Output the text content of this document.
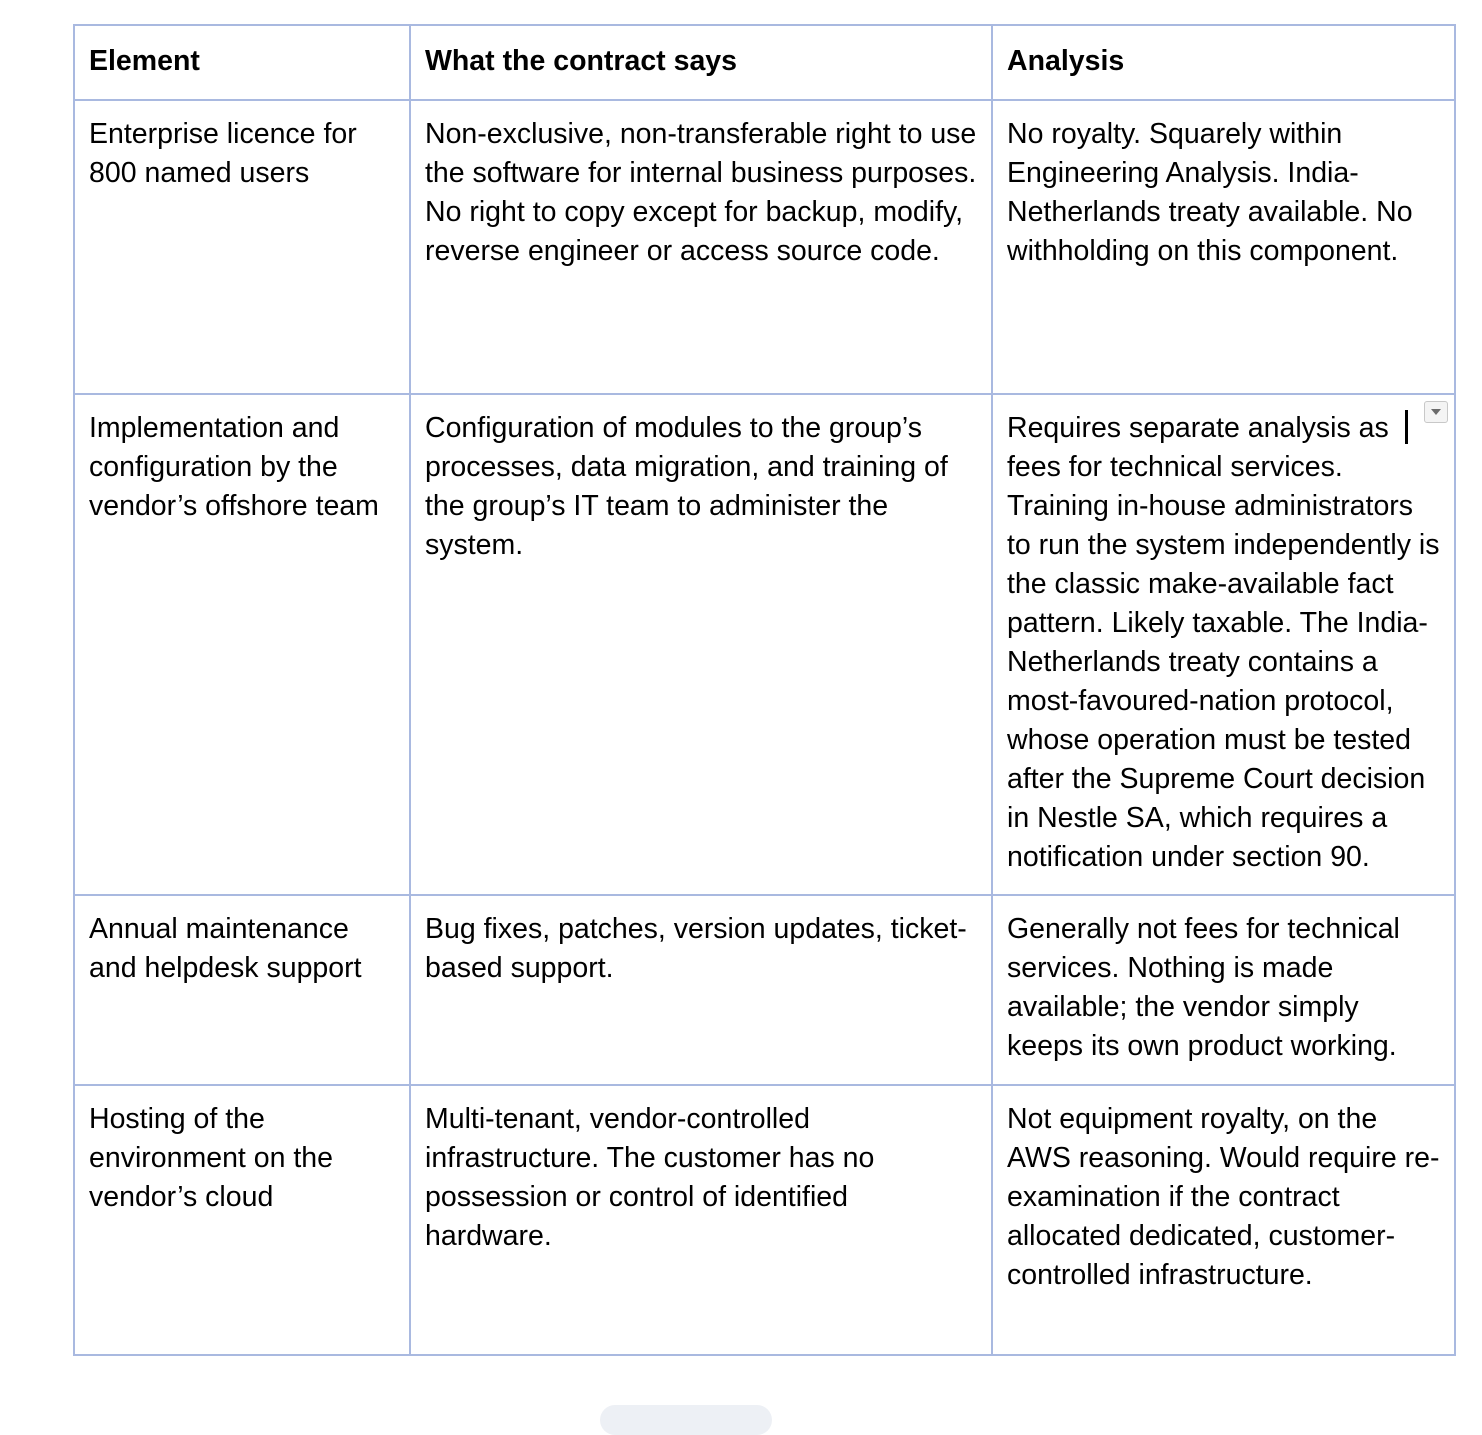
Element	What the contract says	Analysis
Enterprise licence for 800 named users	Non-exclusive, non-transferable right to use the software for internal business purposes. No right to copy except for backup, modify, reverse engineer or access source code.	No royalty. Squarely within Engineering Analysis. India-Netherlands treaty available. No withholding on this component.
Implementation and configuration by the vendor’s offshore team	Configuration of modules to the group’s processes, data migration, and training of the group’s IT team to administer the system.	Requires separate analysis as fees for technical services. Training in-house administrators to run the system independently is the classic make-available fact pattern. Likely taxable. The India-Netherlands treaty contains a most-favoured-nation protocol, whose operation must be tested after the Supreme Court decision in Nestle SA, which requires a notification under section 90.

Annual maintenance and helpdesk support	Bug fixes, patches, version updates, ticket-based support.	Generally not fees for technical services. Nothing is made available; the vendor simply keeps its own product working.
Hosting of the environment on the vendor’s cloud	Multi-tenant, vendor-controlled infrastructure. The customer has no possession or control of identified hardware.	Not equipment royalty, on the AWS reasoning. Would require re-examination if the contract allocated dedicated, customer-controlled infrastructure.
